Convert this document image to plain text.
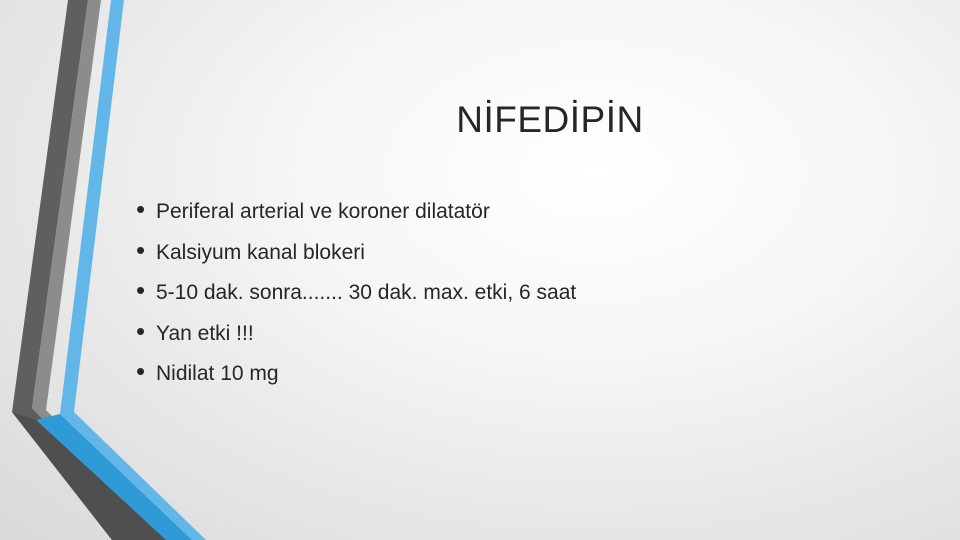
NİFEDİPİN
• Periferal arterial ve koroner dilatatör
• Kalsiyum kanal blokeri
• 5-10 dak. sonra....... 30 dak. max. etki, 6 saat
• Yan etki !!!
• Nidilat 10 mg
